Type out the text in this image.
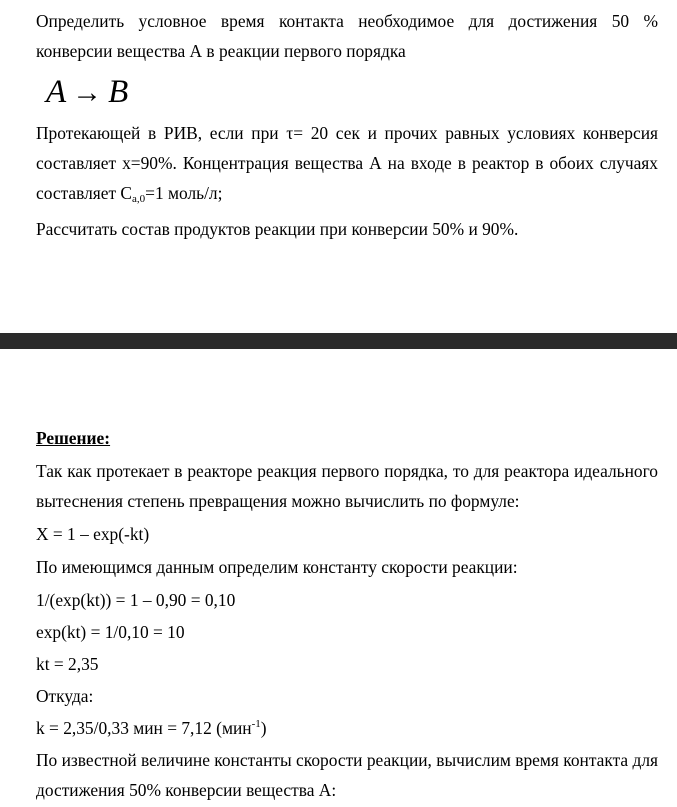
Определить условное время контакта необходимое для достижения 50 % конверсии вещества А в реакции первого порядка

A → B

Протекающей в РИВ, если при τ= 20 сек и прочих равных условиях конверсия составляет x=90%. Концентрация вещества А на входе в реактор в обоих случаях составляет $C_{a,0}=1$ моль/л;

Рассчитать состав продуктов реакции при конверсии 50% и 90%.
Решение:

Так как протекает в реакторе реакция первого порядка, то для реактора идеального вытеснения степень превращения можно вычислить по формуле:

X = 1 – exp(-kt)
По имеющимся данным определим константу скорости реакции:
1/(exp(kt)) = 1 – 0,90 = 0,10
exp(kt) = 1/0,10 = 10
kt = 2,35
Откуда:
k = 2,35/0,33 мин = 7,12 (мин$^{-1}$)

По известной величине константы скорости реакции, вычислим время контакта для достижения 50% конверсии вещества А:
